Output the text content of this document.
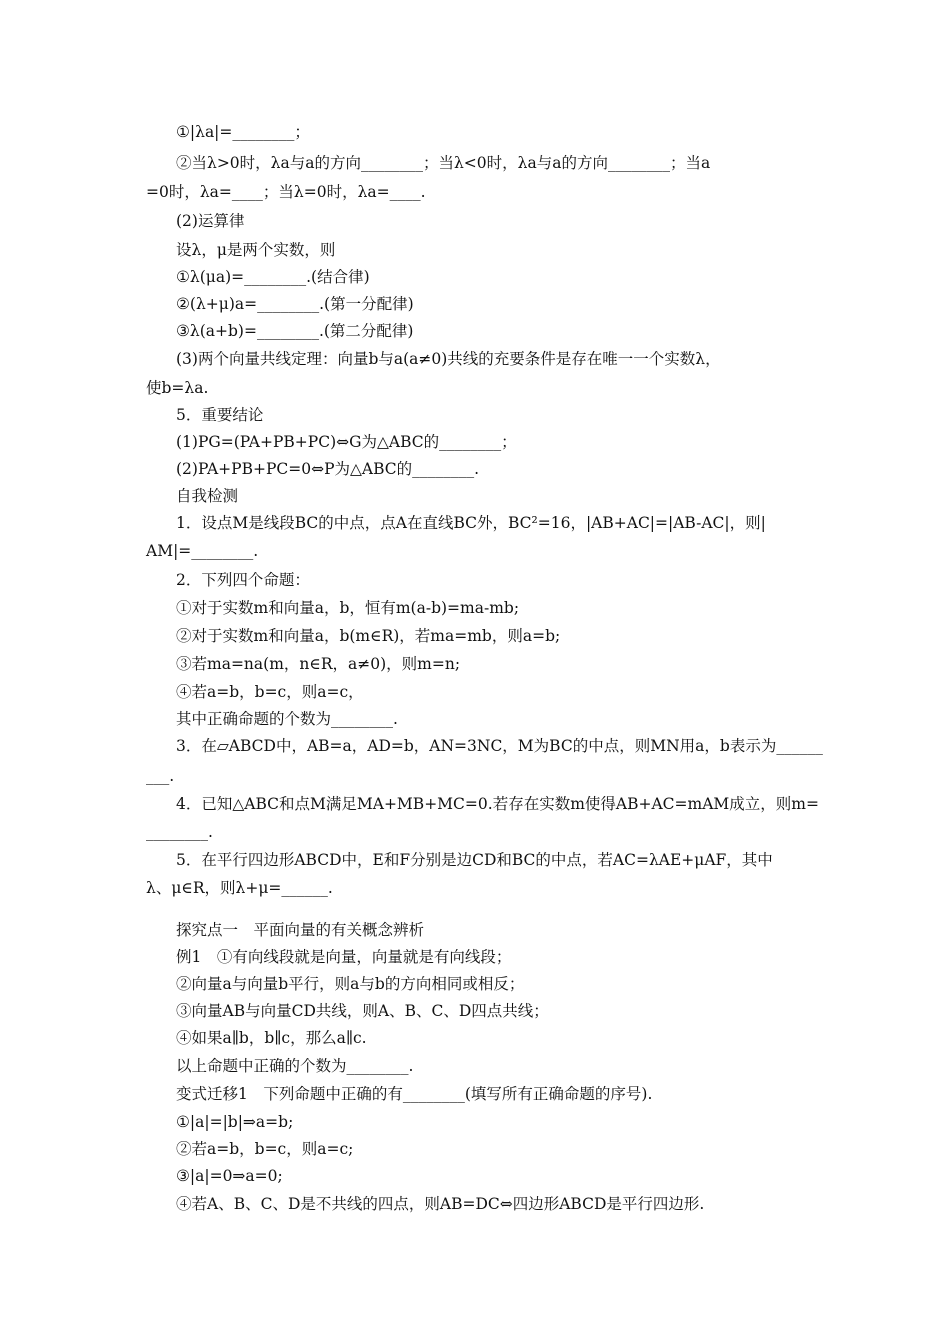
①|λa|=________；
②当λ>0时，λa与a的方向________；当λ<0时，λa与a的方向________；当a
=0时，λa=____；当λ=0时，λa=____.
(2)运算律
设λ，μ是两个实数，则
①λ(μa)=________.(结合律)
②(λ+μ)a=________.(第一分配律)
③λ(a+b)=________.(第二分配律)
(3)两个向量共线定理：向量b与a(a≠0)共线的充要条件是存在唯一一个实数λ，
使b=λa.
5．重要结论
(1)PG=(PA+PB+PC)⇔G为△ABC的________；
(2)PA+PB+PC=0⇔P为△ABC的________.
自我检测
1．设点M是线段BC的中点，点A在直线BC外，BC²=16，|AB+AC|=|AB-AC|，则|
AM|=________.
2．下列四个命题：
①对于实数m和向量a，b，恒有m(a-b)=ma-mb;
②对于实数m和向量a，b(m∈R)，若ma=mb，则a=b;
③若ma=na(m，n∈R，a≠0)，则m=n;
④若a=b，b=c，则a=c，
其中正确命题的个数为________.
3．在▱ABCD中，AB=a，AD=b，AN=3NC，M为BC的中点，则MN用a，b表示为______
___.
4．已知△ABC和点M满足MA+MB+MC=0.若存在实数m使得AB+AC=mAM成立，则m=
________.
5．在平行四边形ABCD中，E和F分别是边CD和BC的中点，若AC=λAE+μAF，其中
λ、μ∈R，则λ+μ=______.
探究点一　平面向量的有关概念辨析
例1　①有向线段就是向量，向量就是有向线段；
②向量a与向量b平行，则a与b的方向相同或相反；
③向量AB与向量CD共线，则A、B、C、D四点共线；
④如果a∥b，b∥c，那么a∥c.
以上命题中正确的个数为________.
变式迁移1　下列命题中正确的有________(填写所有正确命题的序号).
①|a|=|b|⇒a=b;
②若a=b，b=c，则a=c;
③|a|=0⇒a=0;
④若A、B、C、D是不共线的四点，则AB=DC⇔四边形ABCD是平行四边形.
